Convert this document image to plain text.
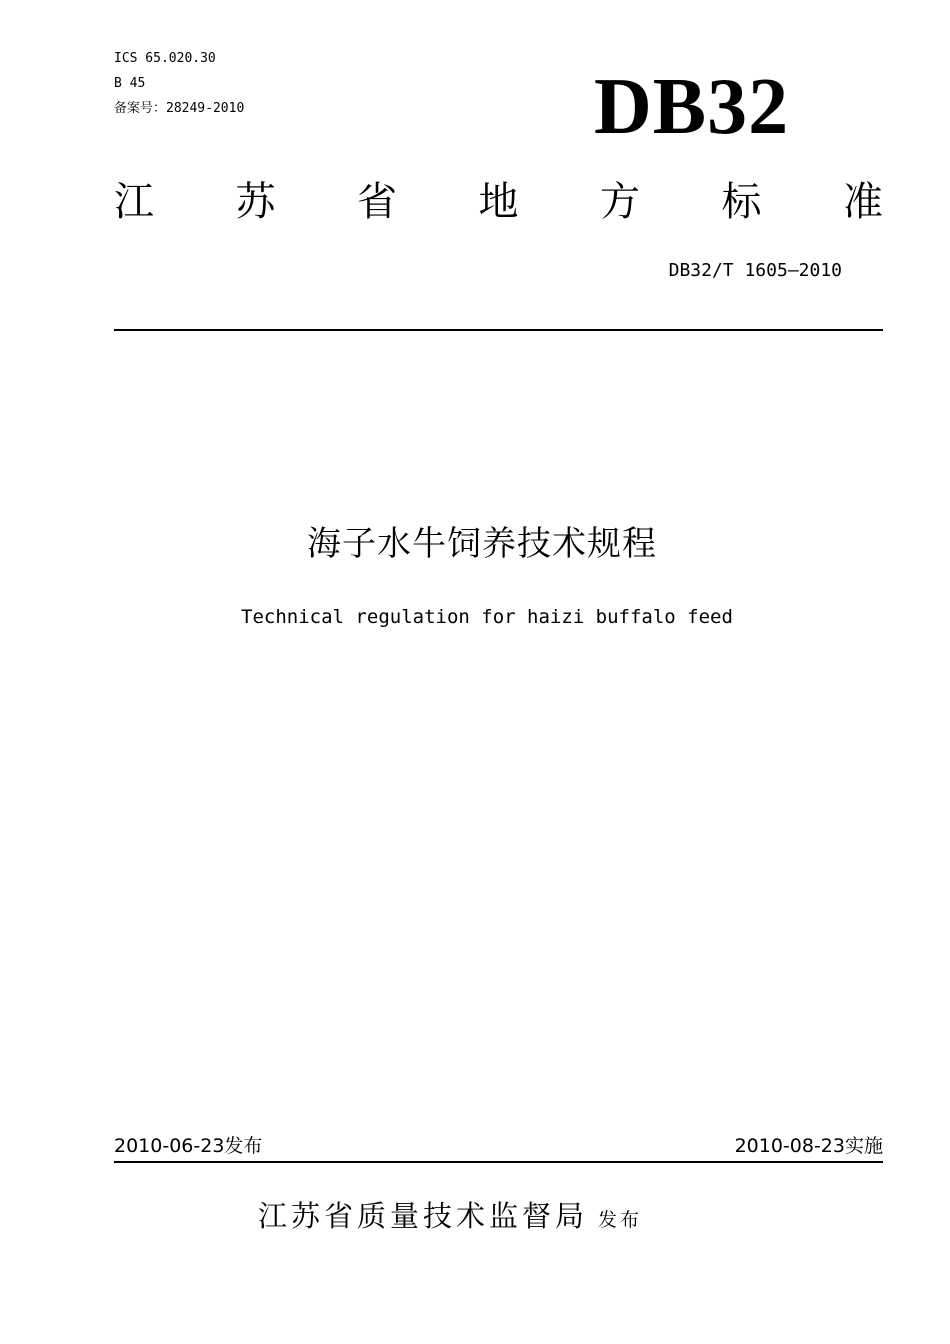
ICS 65.020.30
B 45
备案号：28249-2010	DB32
江 苏 省 地 方 标 准
DB32/T 1605—2010
海子水牛饲养技术规程
Technical regulation for haizi buffalo feed
2010-06-23发布	2010-08-23实施
江苏省质量技术监督局 发布
